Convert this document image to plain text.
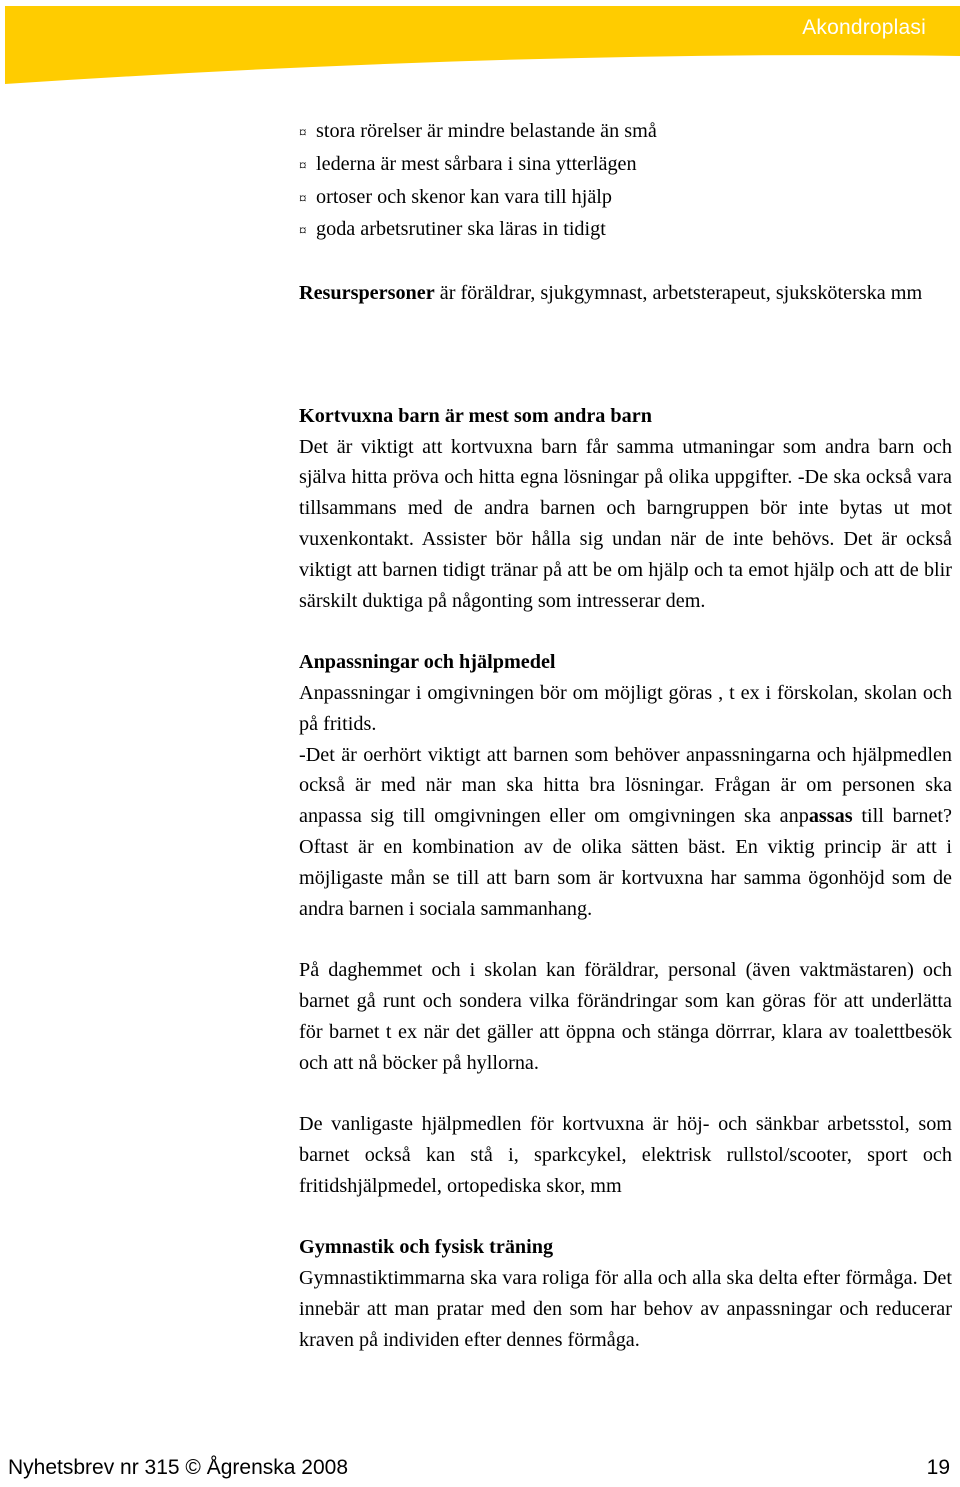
Akondroplasi
¤ stora rörelser är mindre belastande än små
¤ lederna är mest sårbara i sina ytterlägen
¤ ortoser och skenor kan vara till hjälp
¤ goda arbetsrutiner ska läras in tidigt

Resurspersoner är föräldrar, sjukgymnast, arbetsterapeut, sjuksköterska mm

Kortvuxna barn är mest som andra barn

Det är viktigt att kortvuxna barn får samma utmaningar som andra barn och själva hitta pröva och hitta egna lösningar på olika uppgifter. -De ska också vara tillsammans med de andra barnen och barngruppen bör inte bytas ut mot vuxenkontakt. Assister bör hålla sig undan när de inte behövs. Det är också viktigt att barnen tidigt tränar på att be om hjälp och ta emot hjälp och att de blir särskilt duktiga på någonting som intresserar dem.

Anpassningar och hjälpmedel

Anpassningar i omgivningen bör om möjligt göras , t ex i förskolan, skolan och på fritids.

-Det är oerhört viktigt att barnen som behöver anpassningarna och hjälpmedlen också är med när man ska hitta bra lösningar. Frågan är om personen ska anpassa sig till omgivningen eller om omgivningen ska anpassas till barnet? Oftast är en kombination av de olika sätten bäst. En viktig princip är att i möjligaste mån se till att barn som är kortvuxna har samma ögonhöjd som de andra barnen i sociala sammanhang.

På daghemmet och i skolan kan föräldrar, personal (även vaktmästaren) och barnet gå runt och sondera vilka förändringar som kan göras för att underlätta för barnet t ex när det gäller att öppna och stänga dörrrar, klara av toalettbesök och att nå böcker på hyllorna.

De vanligaste hjälpmedlen för kortvuxna är höj- och sänkbar arbetsstol, som barnet också kan stå i, sparkcykel, elektrisk rullstol/scooter, sport och fritidshjälpmedel, ortopediska skor, mm

Gymnastik och fysisk träning

Gymnastiktimmarna ska vara roliga för alla och alla ska delta efter förmåga. Det innebär att man pratar med den som har behov av anpassningar och reducerar kraven på individen efter dennes förmåga.

Nyhetsbrev nr 315 © Ågrenska 2008	19
